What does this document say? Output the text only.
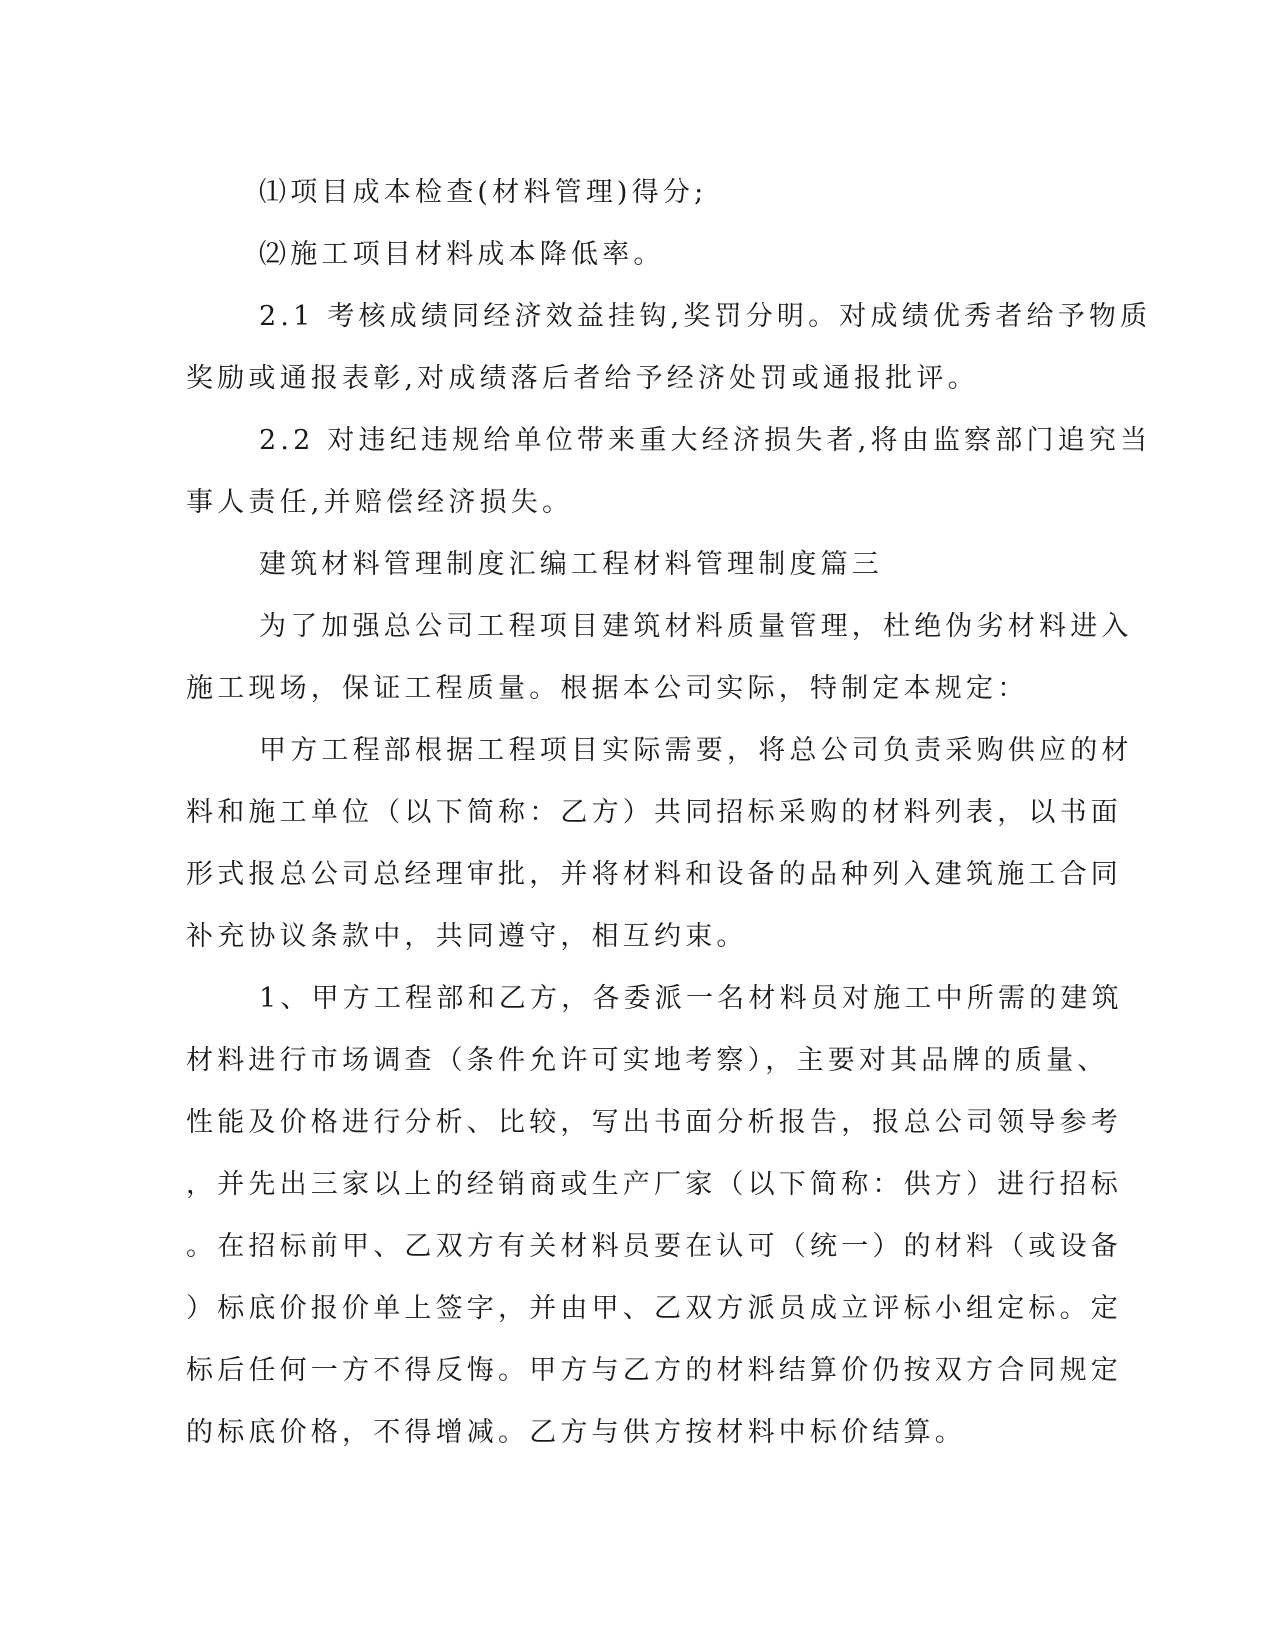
⑴项目成本检查(材料管理)得分;

⑵施工项目材料成本降低率。

2.1 考核成绩同经济效益挂钩,奖罚分明。对成绩优秀者给予物质

奖励或通报表彰,对成绩落后者给予经济处罚或通报批评。

2.2 对违纪违规给单位带来重大经济损失者,将由监察部门追究当

事人责任,并赔偿经济损失。

建筑材料管理制度汇编工程材料管理制度篇三

为了加强总公司工程项目建筑材料质量管理，杜绝伪劣材料进入

施工现场，保证工程质量。根据本公司实际，特制定本规定：

甲方工程部根据工程项目实际需要，将总公司负责采购供应的材

料和施工单位（以下简称：乙方）共同招标采购的材料列表，以书面

形式报总公司总经理审批，并将材料和设备的品种列入建筑施工合同

补充协议条款中，共同遵守，相互约束。

1、甲方工程部和乙方，各委派一名材料员对施工中所需的建筑

材料进行市场调查（条件允许可实地考察），主要对其品牌的质量、

性能及价格进行分析、比较，写出书面分析报告，报总公司领导参考

，并先出三家以上的经销商或生产厂家（以下简称：供方）进行招标

。在招标前甲、乙双方有关材料员要在认可（统一）的材料（或设备

）标底价报价单上签字，并由甲、乙双方派员成立评标小组定标。定

标后任何一方不得反悔。甲方与乙方的材料结算价仍按双方合同规定

的标底价格，不得增减。乙方与供方按材料中标价结算。
